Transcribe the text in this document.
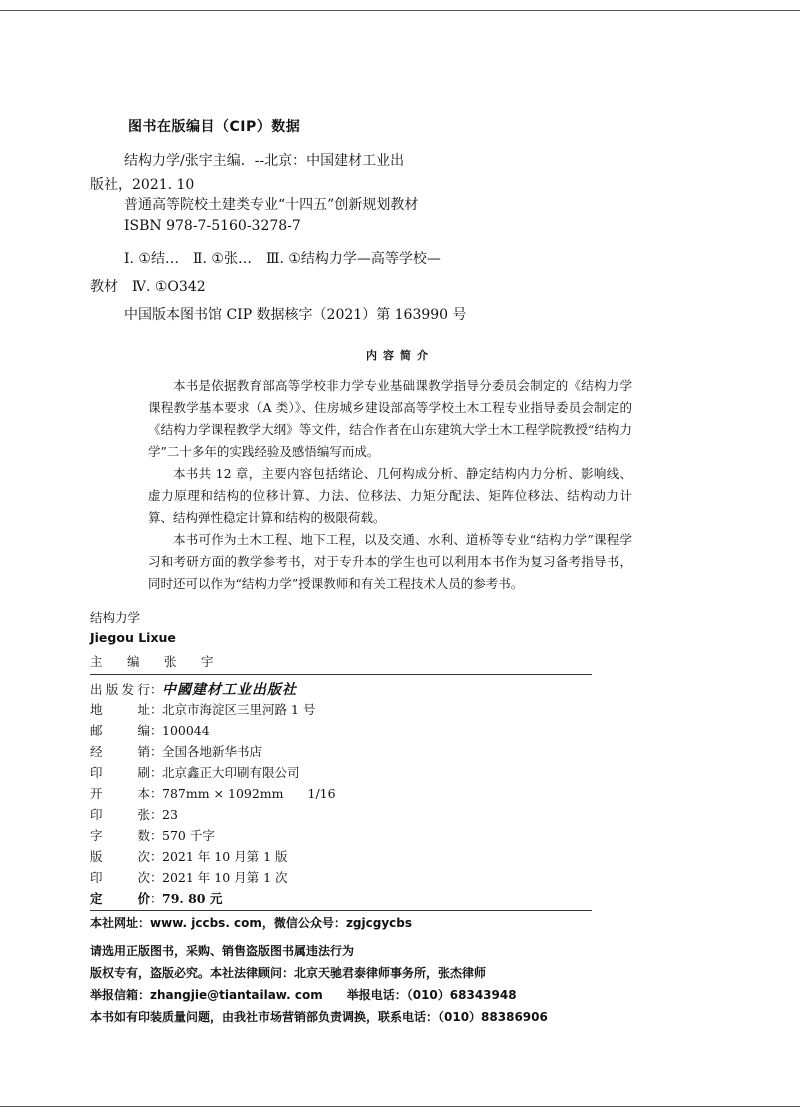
图书在版编目（CIP）数据
结构力学/张宇主编．--北京：中国建材工业出
版社，2021. 10
普通高等院校土建类专业“十四五”创新规划教材
ISBN 978-7-5160-3278-7
Ⅰ. ①结…　Ⅱ. ①张…　Ⅲ. ①结构力学—高等学校—
教材　Ⅳ. ①O342
中国版本图书馆 CIP 数据核字（2021）第 163990 号
内容简介

本书是依据教育部高等学校非力学专业基础课教学指导分委员会制定的《结构力学课程教学基本要求（A 类）》、住房城乡建设部高等学校土木工程专业指导委员会制定的《结构力学课程教学大纲》等文件，结合作者在山东建筑大学土木工程学院教授“结构力学”二十多年的实践经验及感悟编写而成。

本书共 12 章，主要内容包括绪论、几何构成分析、静定结构内力分析、影响线、虚力原理和结构的位移计算、力法、位移法、力矩分配法、矩阵位移法、结构动力计算、结构弹性稳定计算和结构的极限荷载。

本书可作为土木工程、地下工程，以及交通、水利、道桥等专业“结构力学”课程学习和考研方面的教学参考书，对于专升本的学生也可以利用本书作为复习备考指导书，同时还可以作为“结构力学”授课教师和有关工程技术人员的参考书。

结构力学
Jiegou Lixue
主　编　张　宇
出版发行：中國建材工业出版社
地址：北京市海淀区三里河路 1 号
邮编：100044
经销：全国各地新华书店
印刷：北京鑫正大印刷有限公司
开本：787mm × 1092mm 1/16
印张：23
字数：570 千字
版次：2021 年 10 月第 1 版
印次：2021 年 10 月第 1 次
定价：79. 80 元
本社网址：www. jccbs. com，微信公众号：zgjcgycbs
请选用正版图书，采购、销售盗版图书属违法行为
版权专有，盗版必究。本社法律顾问：北京天驰君泰律师事务所，张杰律师
举报信箱：zhangjie@tiantailaw. com 举报电话：（010）68343948
本书如有印装质量问题，由我社市场营销部负责调换，联系电话：（010）88386906
